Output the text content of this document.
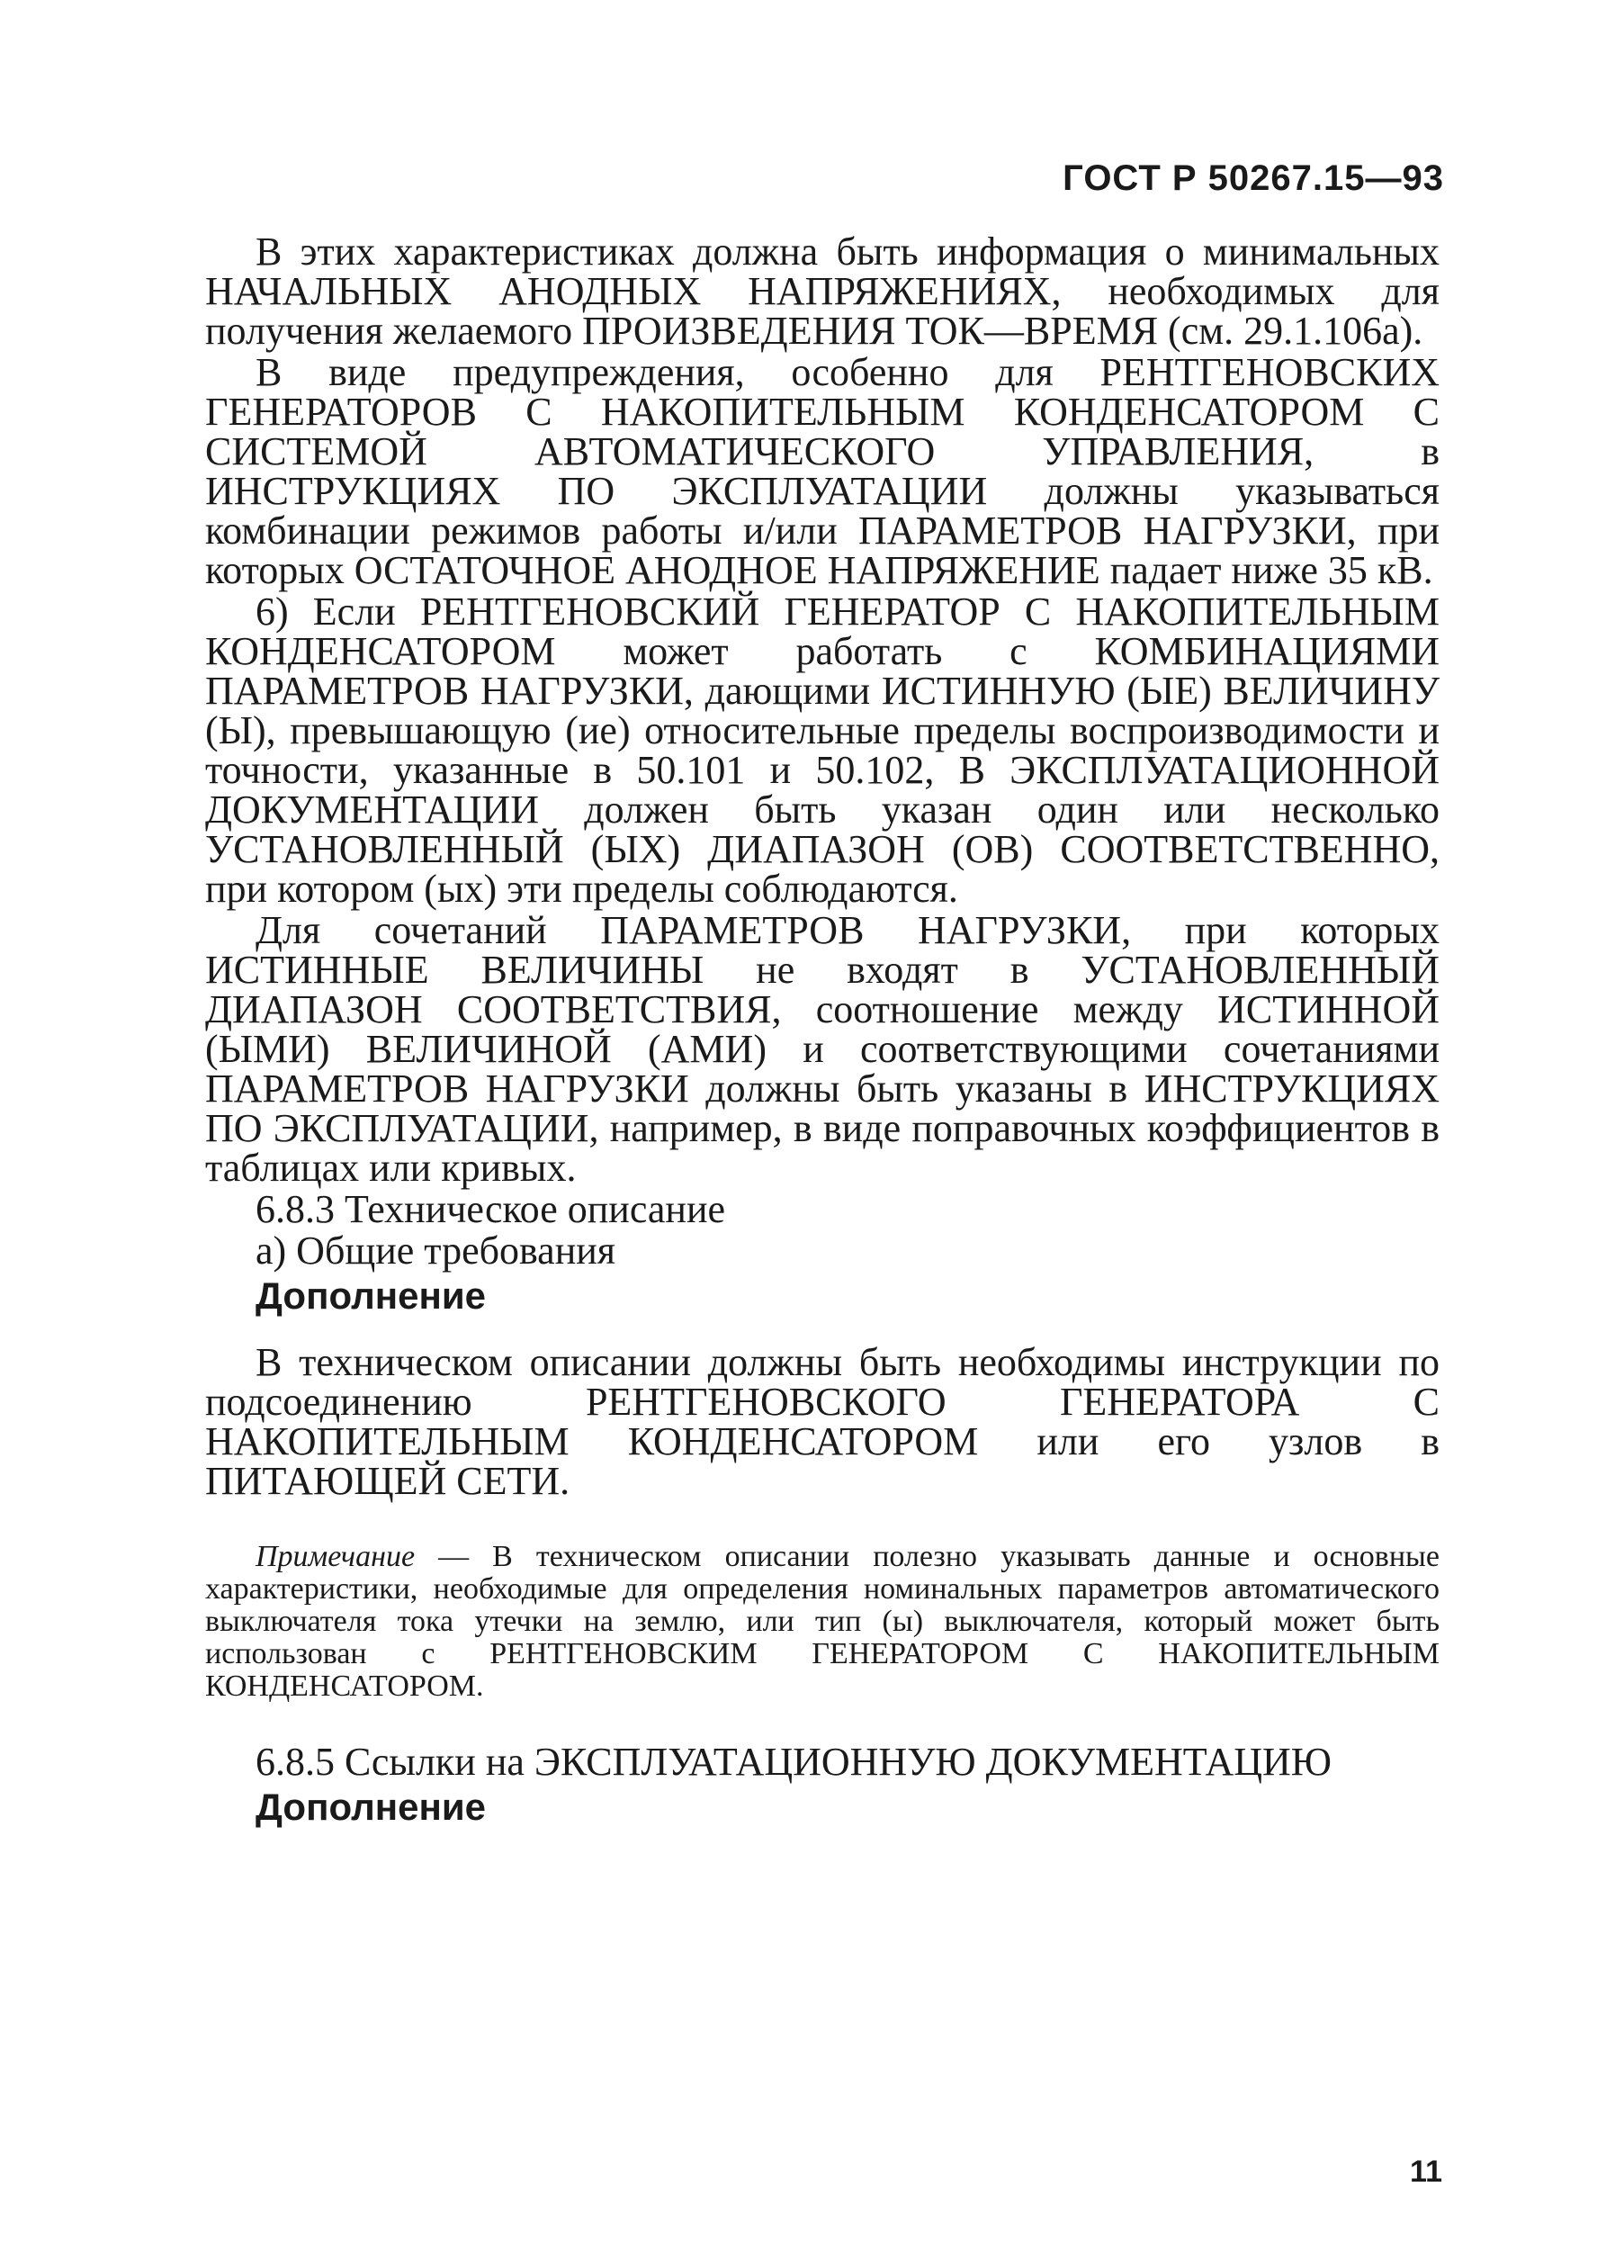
ГОСТ Р 50267.15—93

В этих характеристиках должна быть информация о минимальных НАЧАЛЬНЫХ АНОДНЫХ НАПРЯЖЕНИЯХ, необходимых для получения желаемого ПРОИЗВЕДЕНИЯ ТОК—ВРЕМЯ (см. 29.1.106а).

В виде предупреждения, особенно для РЕНТГЕНОВСКИХ ГЕНЕРАТОРОВ С НАКОПИТЕЛЬНЫМ КОНДЕНСАТОРОМ С СИСТЕМОЙ АВТОМАТИЧЕСКОГО УПРАВЛЕНИЯ, в ИНСТРУКЦИЯХ ПО ЭКСПЛУАТАЦИИ должны указываться комбинации режимов работы и/или ПАРАМЕТРОВ НАГРУЗКИ, при которых ОСТАТОЧНОЕ АНОДНОЕ НАПРЯЖЕНИЕ падает ниже 35 кВ.

6) Если РЕНТГЕНОВСКИЙ ГЕНЕРАТОР С НАКОПИТЕЛЬНЫМ КОНДЕНСАТОРОМ может работать с КОМБИНАЦИЯМИ ПАРАМЕТРОВ НАГРУЗКИ, дающими ИСТИННУЮ (ЫЕ) ВЕЛИЧИНУ (Ы), превышающую (ие) относительные пределы воспроизводимости и точности, указанные в 50.101 и 50.102, В ЭКСПЛУАТАЦИОННОЙ ДОКУМЕНТАЦИИ должен быть указан один или несколько УСТАНОВЛЕННЫЙ (ЫХ) ДИАПАЗОН (ОВ) СООТВЕТСТВЕННО, при котором (ых) эти пределы соблюдаются.

Для сочетаний ПАРАМЕТРОВ НАГРУЗКИ, при которых ИСТИННЫЕ ВЕЛИЧИНЫ не входят в УСТАНОВЛЕННЫЙ ДИАПАЗОН СООТВЕТСТВИЯ, соотношение между ИСТИННОЙ (ЫМИ) ВЕЛИЧИНОЙ (АМИ) и соответствующими сочетаниями ПАРАМЕТРОВ НАГРУЗКИ должны быть указаны в ИНСТРУКЦИЯХ ПО ЭКСПЛУАТАЦИИ, например, в виде поправочных коэффициентов в таблицах или кривых.

6.8.3 Техническое описание

а) Общие требования

Дополнение

В техническом описании должны быть необходимы инструкции по подсоединению РЕНТГЕНОВСКОГО ГЕНЕРАТОРА С НАКОПИТЕЛЬНЫМ КОНДЕНСАТОРОМ или его узлов в ПИТАЮЩЕЙ СЕТИ.

Примечание — В техническом описании полезно указывать данные и основные характеристики, необходимые для определения номинальных параметров автоматического выключателя тока утечки на землю, или тип (ы) выключателя, который может быть использован с РЕНТГЕНОВСКИМ ГЕНЕРАТОРОМ С НАКОПИТЕЛЬНЫМ КОНДЕНСАТОРОМ.

6.8.5 Ссылки на ЭКСПЛУАТАЦИОННУЮ ДОКУМЕНТАЦИЮ

Дополнение
11
